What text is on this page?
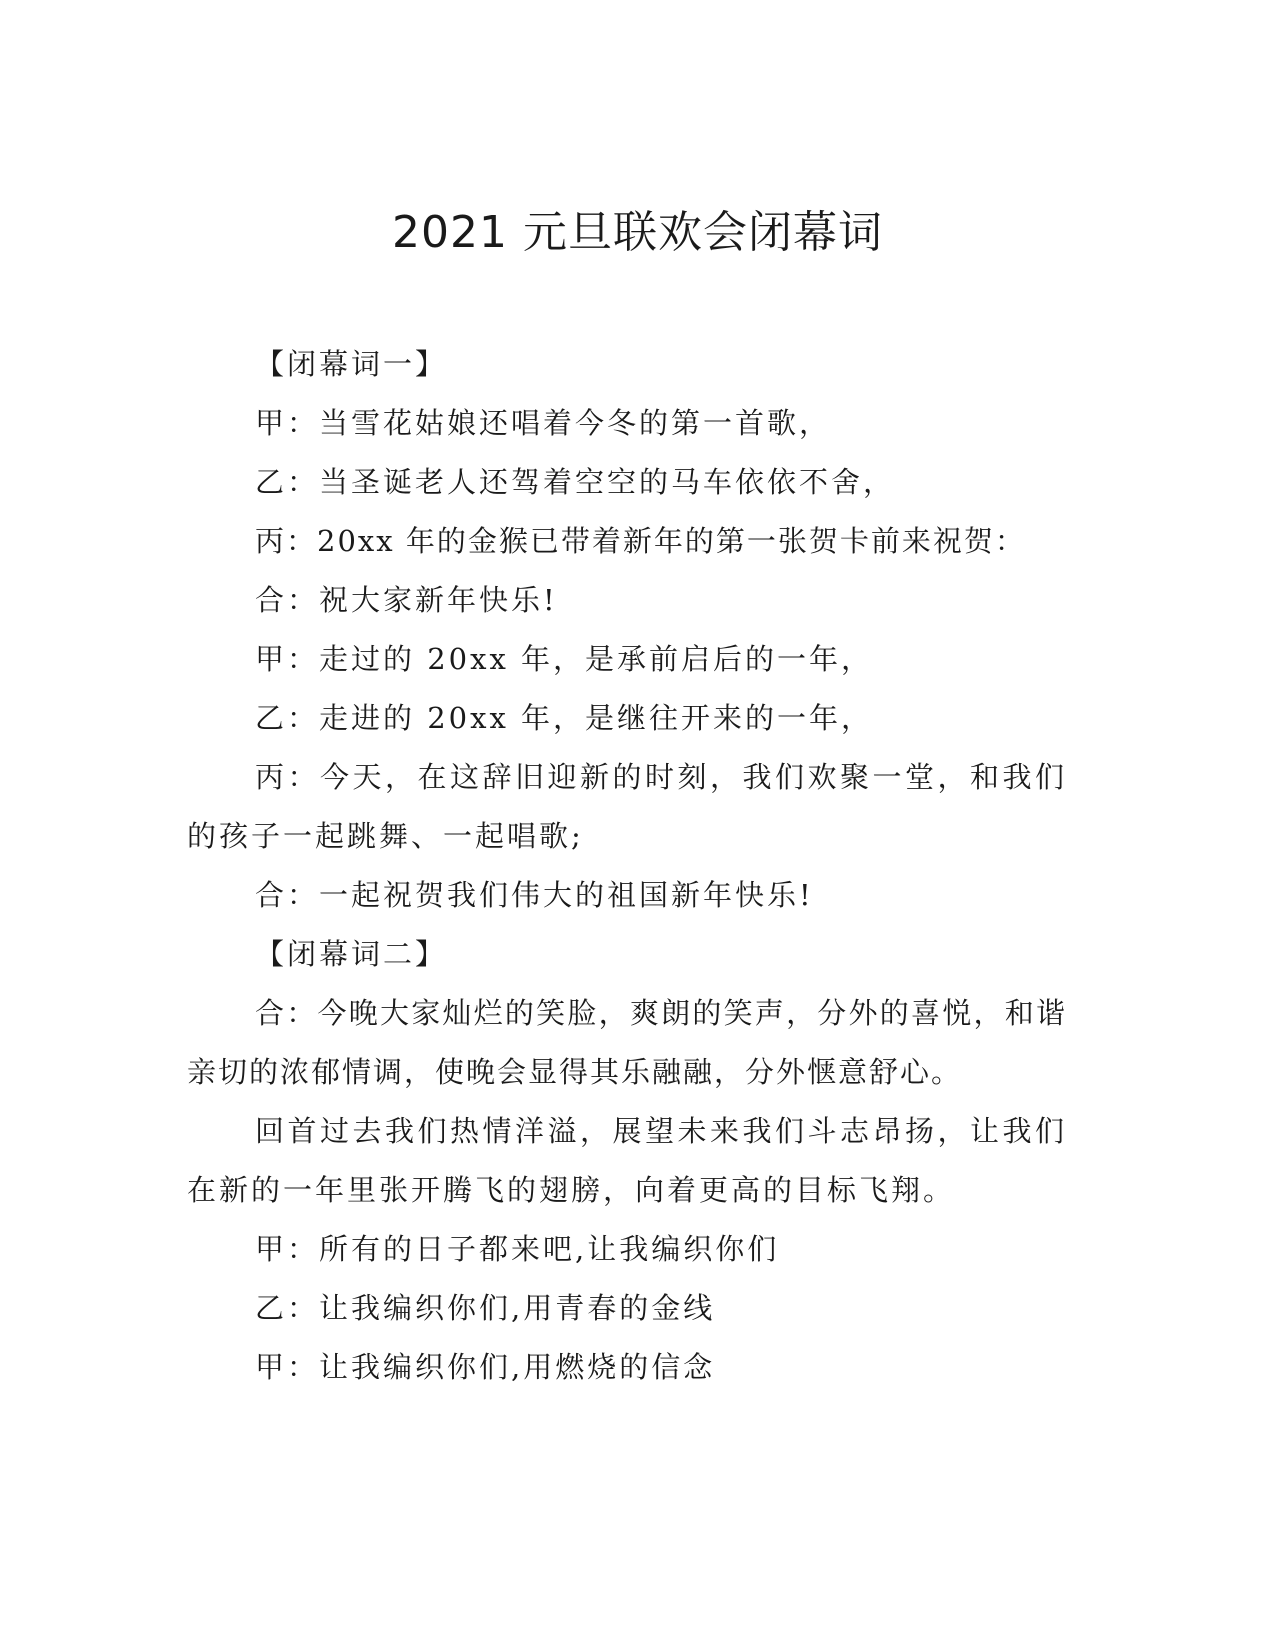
2021 元旦联欢会闭幕词

【闭幕词一】

甲：当雪花姑娘还唱着今冬的第一首歌，

乙：当圣诞老人还驾着空空的马车依依不舍，

丙：20xx 年的金猴已带着新年的第一张贺卡前来祝贺：

合：祝大家新年快乐!

甲：走过的 20xx 年，是承前启后的一年，

乙：走进的 20xx 年，是继往开来的一年，

丙：今天，在这辞旧迎新的时刻，我们欢聚一堂，和我们的孩子一起跳舞、一起唱歌;

合：一起祝贺我们伟大的祖国新年快乐!

【闭幕词二】

合：今晚大家灿烂的笑脸，爽朗的笑声，分外的喜悦，和谐亲切的浓郁情调，使晚会显得其乐融融，分外惬意舒心。

回首过去我们热情洋溢，展望未来我们斗志昂扬，让我们在新的一年里张开腾飞的翅膀，向着更高的目标飞翔。

甲：所有的日子都来吧,让我编织你们

乙：让我编织你们,用青春的金线

甲：让我编织你们,用燃烧的信念
